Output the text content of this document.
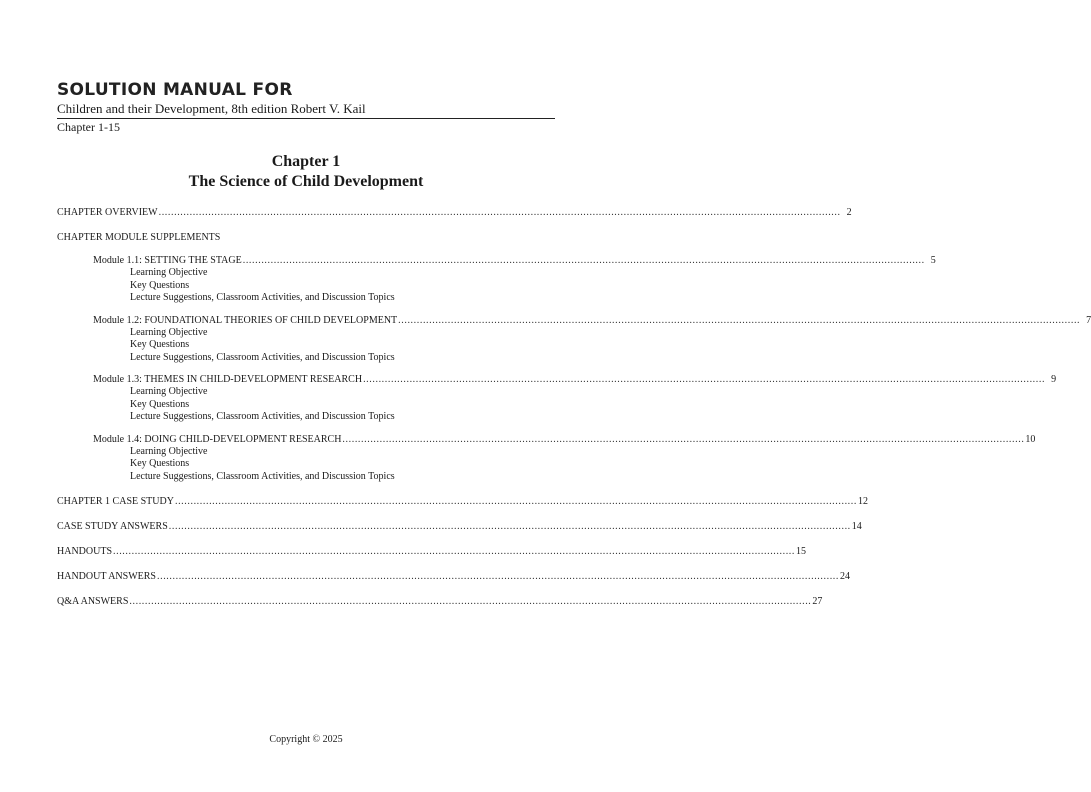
SOLUTION MANUAL FOR
Children and their Development, 8th edition Robert V. Kail
Chapter 1-15
Chapter 1
The Science of Child Development
CHAPTER OVERVIEW ............................................................................................................................................................................................................................ 2
CHAPTER MODULE SUPPLEMENTS
Module 1.1: SETTING THE STAGE ............................................................................................................................................................................................................................ 5
Learning Objective
Key Questions
Lecture Suggestions, Classroom Activities, and Discussion Topics
Module 1.2: FOUNDATIONAL THEORIES OF CHILD DEVELOPMENT ............................................................................................................................................................................................................................ 7
Learning Objective
Key Questions
Lecture Suggestions, Classroom Activities, and Discussion Topics
Module 1.3: THEMES IN CHILD-DEVELOPMENT RESEARCH ............................................................................................................................................................................................................................ 9
Learning Objective
Key Questions
Lecture Suggestions, Classroom Activities, and Discussion Topics
Module 1.4: DOING CHILD-DEVELOPMENT RESEARCH ............................................................................................................................................................................................................................ 10
Learning Objective
Key Questions
Lecture Suggestions, Classroom Activities, and Discussion Topics
CHAPTER 1 CASE STUDY ............................................................................................................................................................................................................................ 12
CASE STUDY ANSWERS ............................................................................................................................................................................................................................ 14
HANDOUTS ............................................................................................................................................................................................................................ 15
HANDOUT ANSWERS ............................................................................................................................................................................................................................ 24
Q&A ANSWERS ............................................................................................................................................................................................................................ 27
Copyright © 2025
